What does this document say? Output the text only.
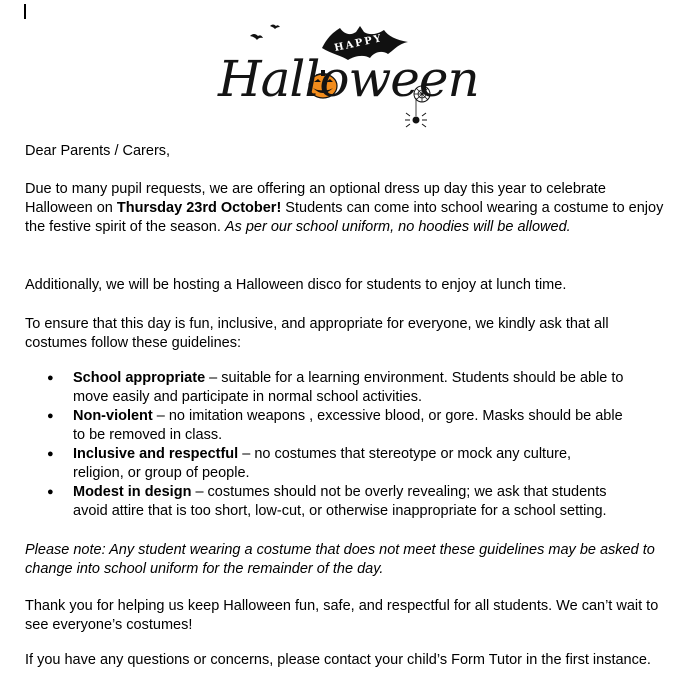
HAPPY
Halloween

Dear Parents / Carers,

Due to many pupil requests, we are offering an optional dress up day this year to celebrate Halloween on Thursday 23rd October! Students can come into school wearing a costume to enjoy the festive spirit of the season. As per our school uniform, no hoodies will be allowed.

Additionally, we will be hosting a Halloween disco for students to enjoy at lunch time.

To ensure that this day is fun, inclusive, and appropriate for everyone, we kindly ask that all costumes follow these guidelines:

● School appropriate – suitable for a learning environment. Students should be able to move easily and participate in normal school activities.
● Non-violent – no imitation weapons , excessive blood, or gore. Masks should be able to be removed in class.
● Inclusive and respectful – no costumes that stereotype or mock any culture, religion, or group of people.
● Modest in design – costumes should not be overly revealing; we ask that students avoid attire that is too short, low-cut, or otherwise inappropriate for a school setting.

Please note: Any student wearing a costume that does not meet these guidelines may be asked to change into school uniform for the remainder of the day.

Thank you for helping us keep Halloween fun, safe, and respectful for all students. We can’t wait to see everyone’s costumes!

If you have any questions or concerns, please contact your child’s Form Tutor in the first instance.
